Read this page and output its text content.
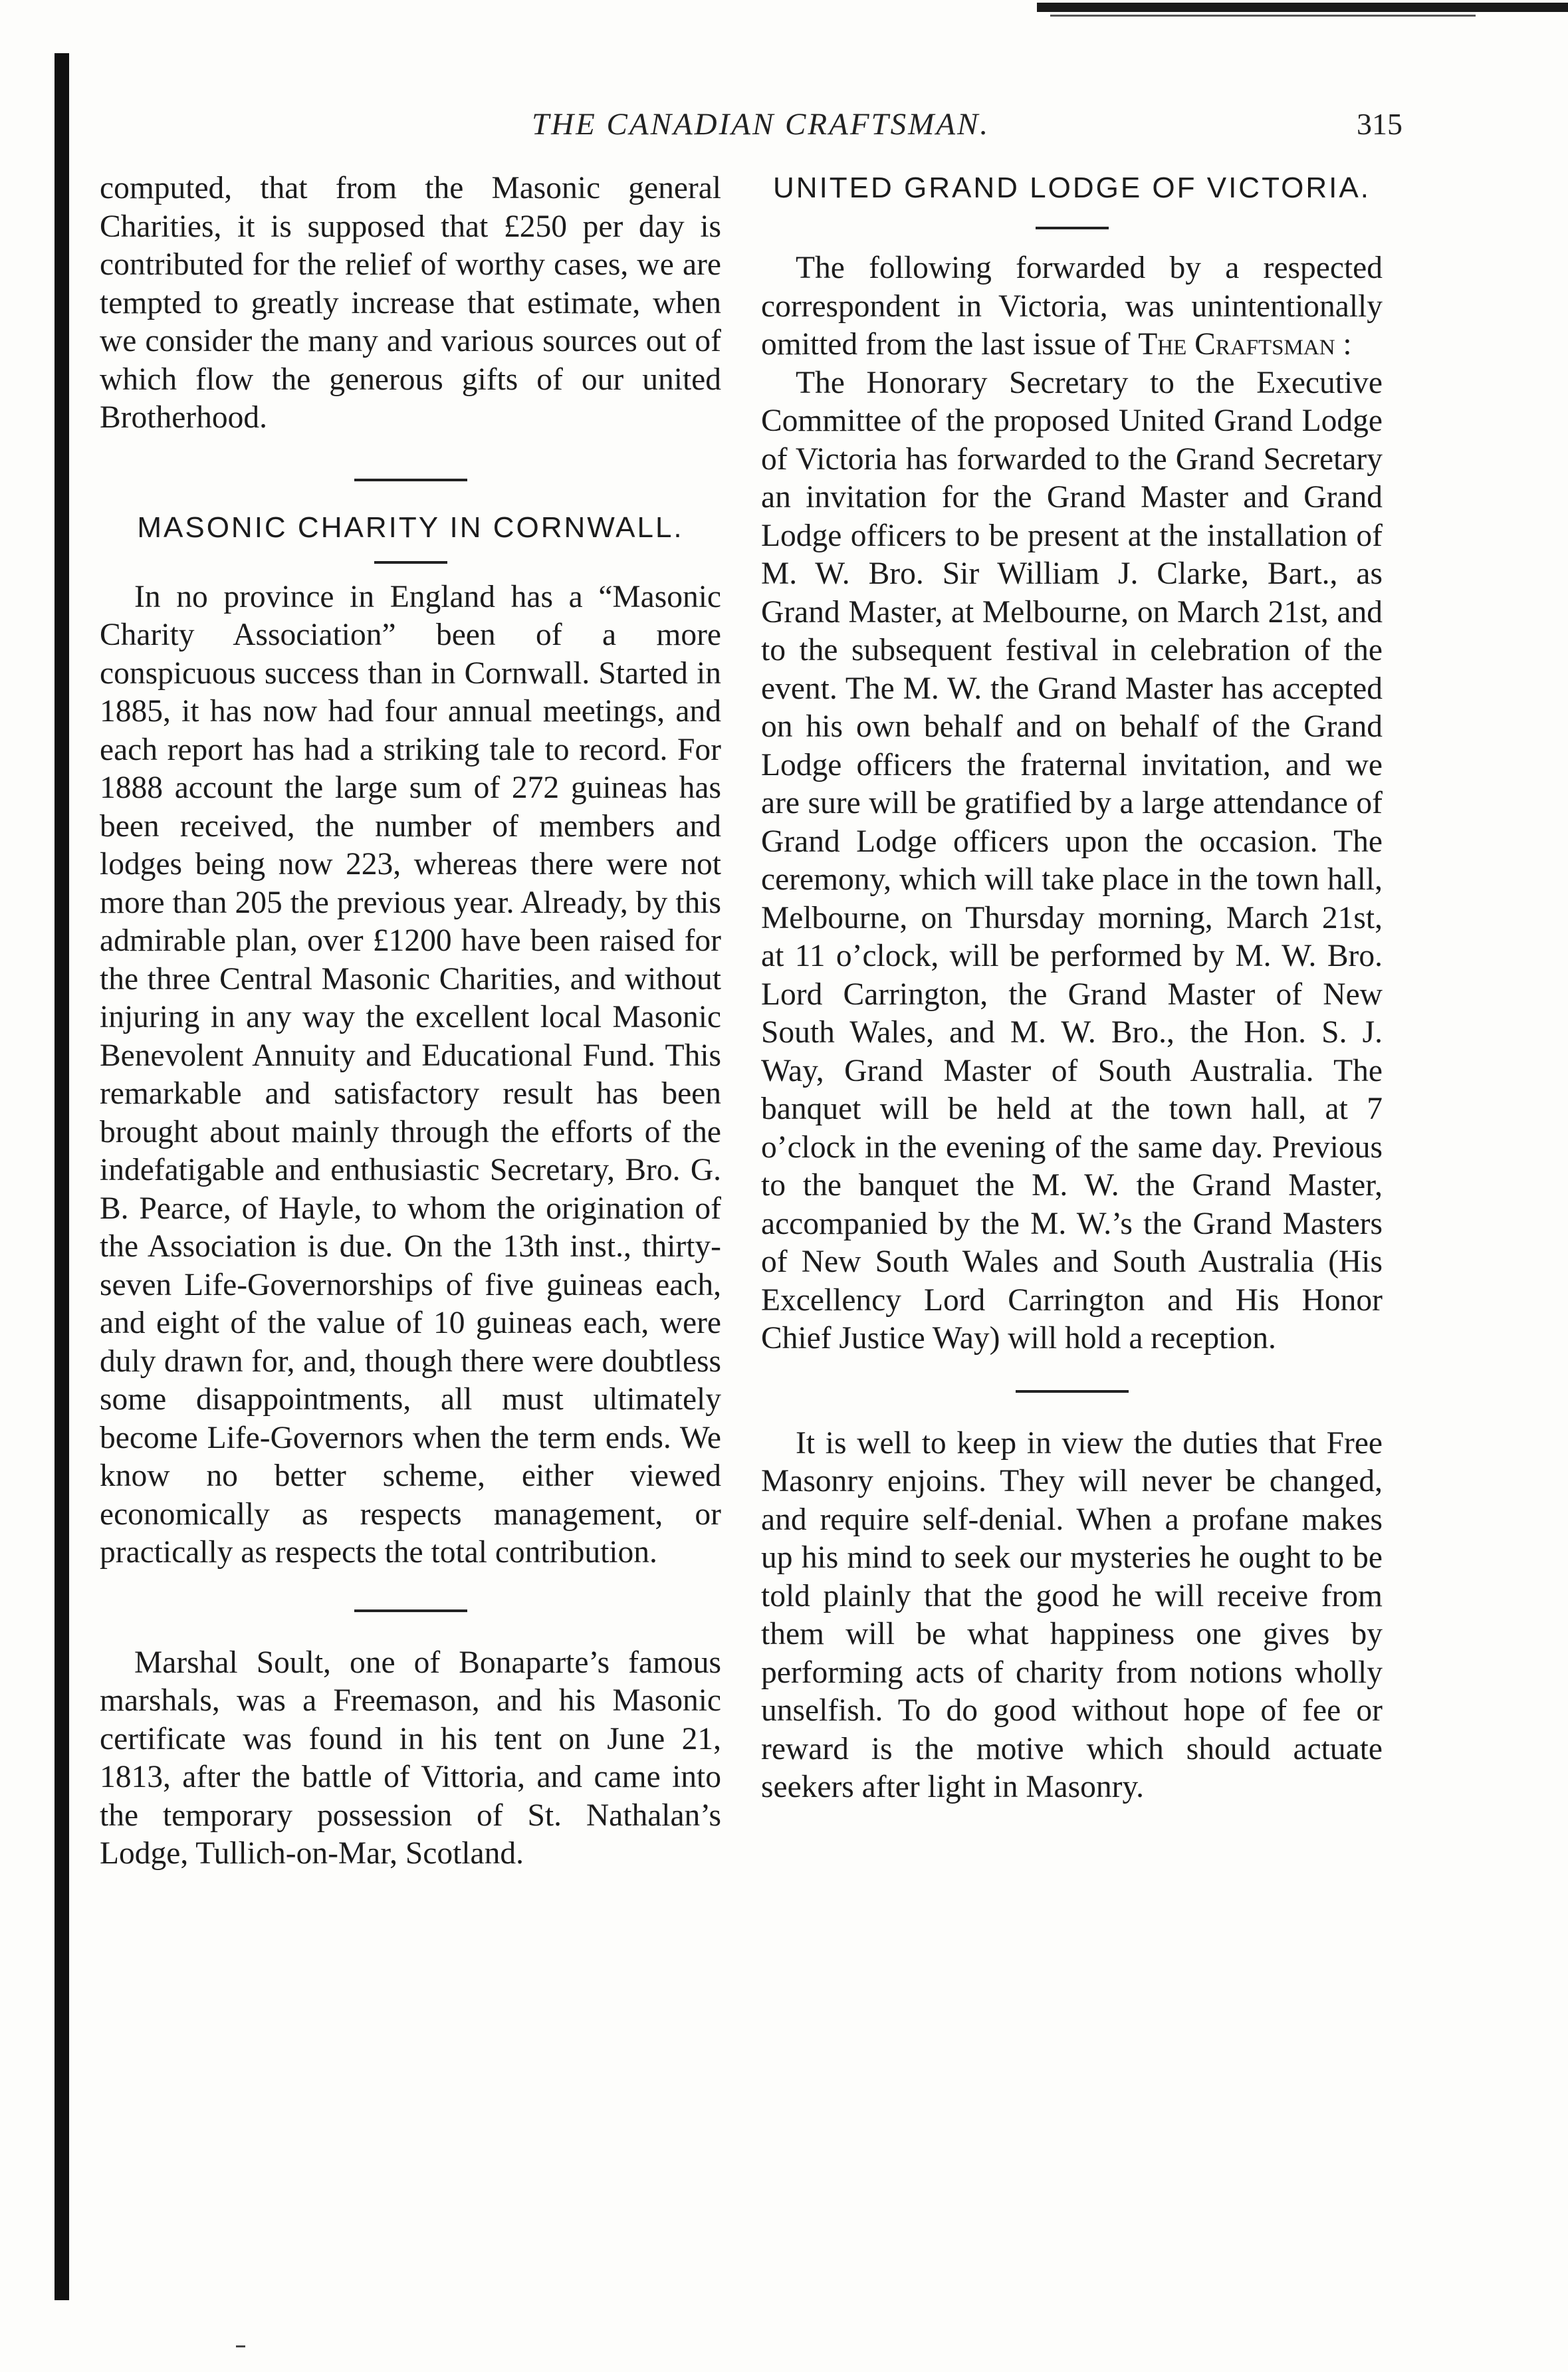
THE CANADIAN CRAFTSMAN.	315

computed, that from the Masonic general Charities, it is supposed that £250 per day is contributed for the relief of worthy cases, we are tempted to greatly increase that estimate, when we consider the many and various sources out of which flow the generous gifts of our united Brotherhood.

MASONIC CHARITY IN CORNWALL.

In no province in England has a “Masonic Charity Association” been of a more conspicuous success than in Cornwall. Started in 1885, it has now had four annual meetings, and each report has had a striking tale to record. For 1888 account the large sum of 272 guineas has been received, the number of members and lodges being now 223, whereas there were not more than 205 the previous year. Already, by this admirable plan, over £1200 have been raised for the three Central Masonic Charities, and without injuring in any way the excellent local Masonic Benevolent Annuity and Educational Fund. This remarkable and satisfactory result has been brought about mainly through the efforts of the indefatigable and enthusiastic Secretary, Bro. G. B. Pearce, of Hayle, to whom the origination of the Association is due. On the 13th inst., thirty-seven Life-Governorships of five guineas each, and eight of the value of 10 guineas each, were duly drawn for, and, though there were doubtless some disappointments, all must ultimately become Life-Governors when the term ends. We know no better scheme, either viewed economically as respects management, or practically as respects the total contribution.

Marshal Soult, one of Bonaparte’s famous marshals, was a Freemason, and his Masonic certificate was found in his tent on June 21, 1813, after the battle of Vittoria, and came into the temporary possession of St. Nathalan’s Lodge, Tullich-on-Mar, Scotland.

UNITED GRAND LODGE OF VICTORIA.

The following forwarded by a respected correspondent in Victoria, was unintentionally omitted from the last issue of The Craftsman :

The Honorary Secretary to the Executive Committee of the proposed United Grand Lodge of Victoria has forwarded to the Grand Secretary an invitation for the Grand Master and Grand Lodge officers to be present at the installation of M. W. Bro. Sir William J. Clarke, Bart., as Grand Master, at Melbourne, on March 21st, and to the subsequent festival in celebration of the event. The M. W. the Grand Master has accepted on his own behalf and on behalf of the Grand Lodge officers the fraternal invitation, and we are sure will be gratified by a large attendance of Grand Lodge officers upon the occasion. The ceremony, which will take place in the town hall, Melbourne, on Thursday morning, March 21st, at 11 o’clock, will be performed by M. W. Bro. Lord Carrington, the Grand Master of New South Wales, and M. W. Bro., the Hon. S. J. Way, Grand Master of South Australia. The banquet will be held at the town hall, at 7 o’clock in the evening of the same day. Previous to the banquet the M. W. the Grand Master, accompanied by the M. W.’s the Grand Masters of New South Wales and South Australia (His Excellency Lord Carrington and His Honor Chief Justice Way) will hold a reception.

It is well to keep in view the duties that Free Masonry enjoins. They will never be changed, and require self-denial. When a profane makes up his mind to seek our mysteries he ought to be told plainly that the good he will receive from them will be what happiness one gives by performing acts of charity from notions wholly unselfish. To do good without hope of fee or reward is the motive which should actuate seekers after light in Masonry.
